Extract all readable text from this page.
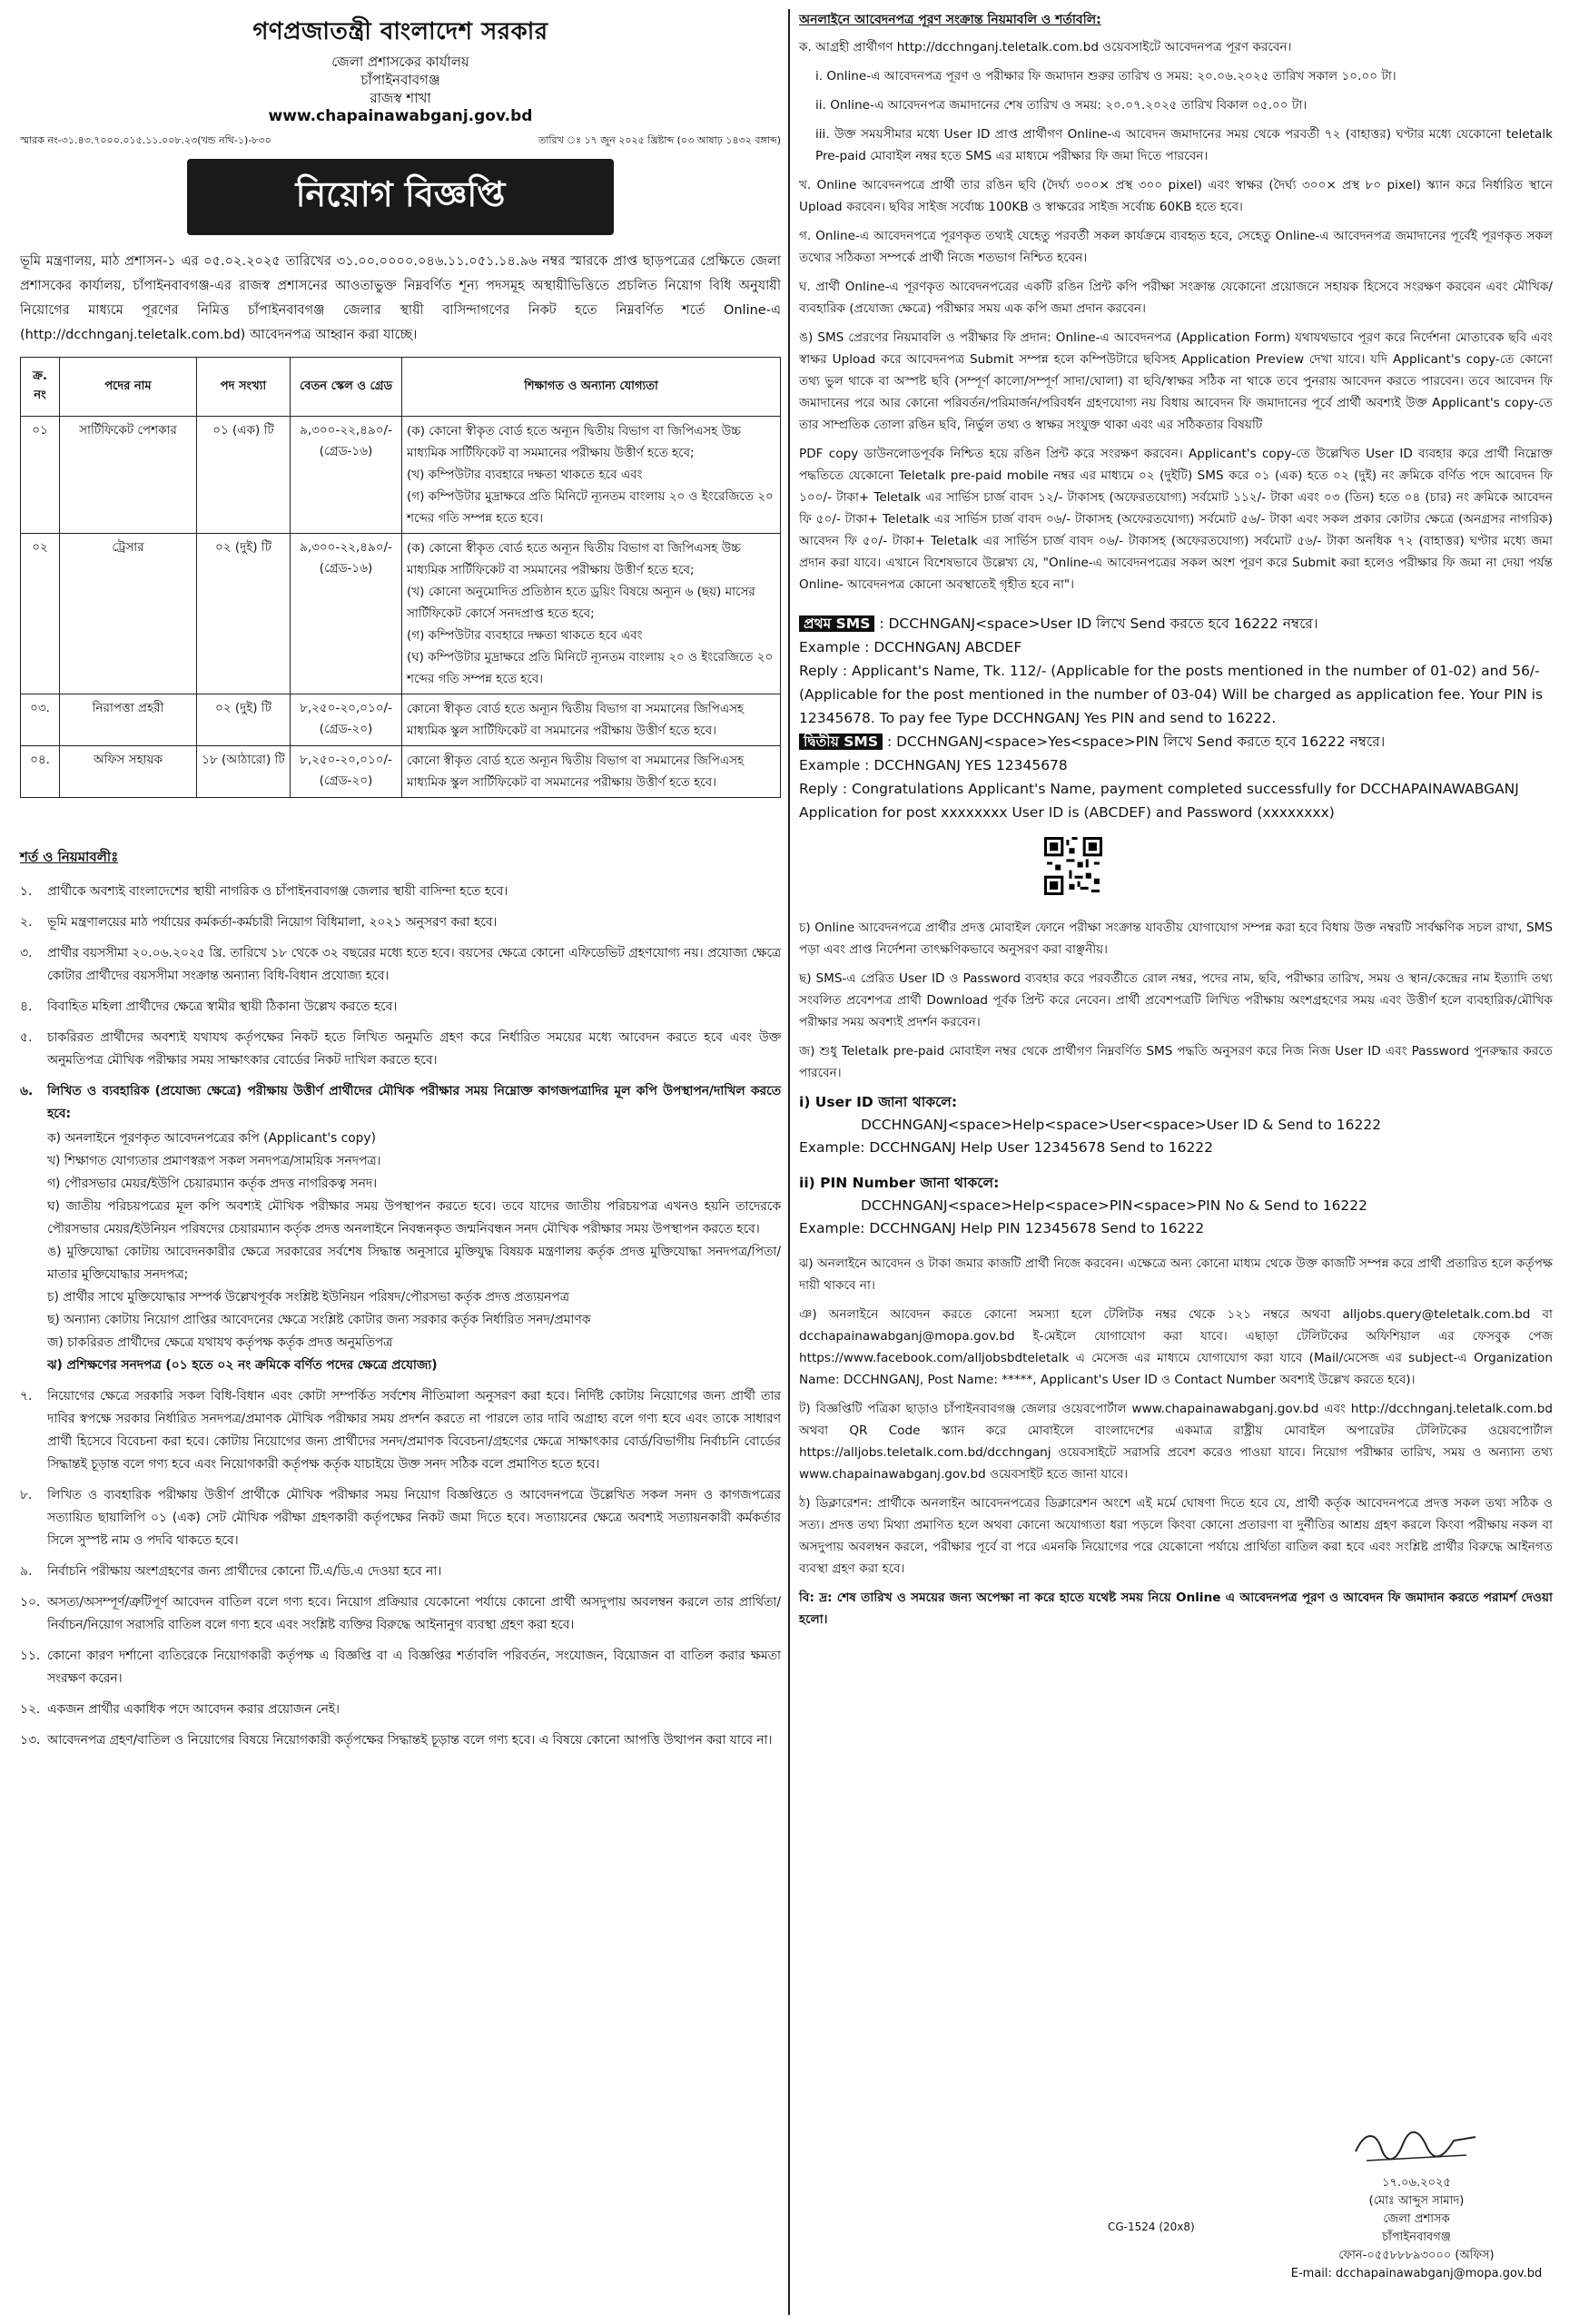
গণপ্রজাতন্ত্রী বাংলাদেশ সরকার
জেলা প্রশাসকের কার্যালয়
চাঁপাইনবাবগঞ্জ
রাজস্ব শাখা
www.chapainawabganj.gov.bd
স্মারক নং-৩১.৪৩.৭০০০.০১৫.১১.০০৮.২৩(খন্ড নথি-১)-৮৩০	তারিখ ঃ ১৭ জুন ২০২৫ খ্রিষ্টাব্দ (০৩ আষাঢ় ১৪৩২ বঙ্গাব্দ)
নিয়োগ বিজ্ঞপ্তি
ভূমি মন্ত্রণালয়, মাঠ প্রশাসন-১ এর ০৫.০২.২০২৫ তারিখের ৩১.০০.০০০০.০৪৬.১১.০৫১.১৪.৯৬ নম্বর স্মারকে প্রাপ্ত ছাড়পত্রের প্রেক্ষিতে জেলা প্রশাসকের কার্যালয়, চাঁপাইনবাবগঞ্জ-এর রাজস্ব প্রশাসনের আওতাভুক্ত নিম্নবর্ণিত শূন্য পদসমূহ অস্থায়ীভিত্তিতে প্রচলিত নিয়োগ বিধি অনুযায়ী নিয়োগের মাধ্যমে পূরণের নিমিত্ত চাঁপাইনবাবগঞ্জ জেলার স্থায়ী বাসিন্দাগণের নিকট হতে নিম্নবর্ণিত শর্তে Online-এ (http://dcchnganj.teletalk.com.bd) আবেদনপত্র আহ্বান করা যাচ্ছে।
ক্র. নং	পদের নাম	পদ সংখ্যা	বেতন স্কেল ও গ্রেড	শিক্ষাগত ও অন্যান্য যোগ্যতা
০১	সার্টিফিকেট পেশকার	০১ (এক) টি	৯,৩০০-২২,৪৯০/- (গ্রেড-১৬)	(ক) কোনো স্বীকৃত বোর্ড হতে অন্যূন দ্বিতীয় বিভাগ বা জিপিএসহ উচ্চ মাধ্যমিক সার্টিফিকেট বা সমমানের পরীক্ষায় উত্তীর্ণ হতে হবে;
(খ) কম্পিউটার ব্যবহারে দক্ষতা থাকতে হবে এবং
(গ) কম্পিউটার মুদ্রাক্ষরে প্রতি মিনিটে ন্যূনতম বাংলায় ২০ ও ইংরেজিতে ২০ শব্দের গতি সম্পন্ন হতে হবে।

০২	ট্রেসার	০২ (দুই) টি	৯,৩০০-২২,৪৯০/- (গ্রেড-১৬)	(ক) কোনো স্বীকৃত বোর্ড হতে অন্যূন দ্বিতীয় বিভাগ বা জিপিএসহ উচ্চ মাধ্যমিক সার্টিফিকেট বা সমমানের পরীক্ষায় উত্তীর্ণ হতে হবে;
(খ) কোনো অনুমোদিত প্রতিষ্ঠান হতে ড্রয়িং বিষয়ে অন্যূন ৬ (ছয়) মাসের সার্টিফিকেট কোর্সে সনদপ্রাপ্ত হতে হবে;
(গ) কম্পিউটার ব্যবহারে দক্ষতা থাকতে হবে এবং
(ঘ) কম্পিউটার মুদ্রাক্ষরে প্রতি মিনিটে ন্যূনতম বাংলায় ২০ ও ইংরেজিতে ২০ শব্দের গতি সম্পন্ন হতে হবে।

০৩.	নিরাপত্তা প্রহরী	০২ (দুই) টি	৮,২৫০-২০,০১০/- (গ্রেড-২০)	কোনো স্বীকৃত বোর্ড হতে অন্যূন দ্বিতীয় বিভাগ বা সমমানের জিপিএসহ মাধ্যমিক স্কুল সার্টিফিকেট বা সমমানের পরীক্ষায় উত্তীর্ণ হতে হবে।

০৪.	অফিস সহায়ক	১৮ (আঠারো) টি	৮,২৫০-২০,০১০/- (গ্রেড-২০)	কোনো স্বীকৃত বোর্ড হতে অন্যূন দ্বিতীয় বিভাগ বা সমমানের জিপিএসহ মাধ্যমিক স্কুল সার্টিফিকেট বা সমমানের পরীক্ষায় উত্তীর্ণ হতে হবে।
শর্ত ও নিয়মাবলীঃ
১.	প্রার্থীকে অবশ্যই বাংলাদেশের স্থায়ী নাগরিক ও চাঁপাইনবাবগঞ্জ জেলার স্থায়ী বাসিন্দা হতে হবে।
২.	ভূমি মন্ত্রণালয়ের মাঠ পর্যায়ের কর্মকর্তা-কর্মচারী নিয়োগ বিধিমালা, ২০২১ অনুসরণ করা হবে।
৩.	প্রার্থীর বয়সসীমা ২০.০৬.২০২৫ খ্রি. তারিখে ১৮ থেকে ৩২ বছরের মধ্যে হতে হবে। বয়সের ক্ষেত্রে কোনো এফিডেভিট গ্রহণযোগ্য নয়। প্রযোজ্য ক্ষেত্রে কোটার প্রার্থীদের বয়সসীমা সংক্রান্ত অন্যান্য বিধি-বিধান প্রযোজ্য হবে।
৪.	বিবাহিত মহিলা প্রার্থীদের ক্ষেত্রে স্বামীর স্থায়ী ঠিকানা উল্লেখ করতে হবে।
৫.	চাকরিরত প্রার্থীদের অবশ্যই যথাযথ কর্তৃপক্ষের নিকট হতে লিখিত অনুমতি গ্রহণ করে নির্ধারিত সময়ের মধ্যে আবেদন করতে হবে এবং উক্ত অনুমতিপত্র মৌখিক পরীক্ষার সময় সাক্ষাৎকার বোর্ডের নিকট দাখিল করতে হবে।
৬.	লিখিত ও ব্যবহারিক (প্রযোজ্য ক্ষেত্রে) পরীক্ষায় উত্তীর্ণ প্রার্থীদের মৌখিক পরীক্ষার সময় নিম্নোক্ত কাগজপত্রাদির মূল কপি উপস্থাপন/দাখিল করতে হবে:
ক) অনলাইনে পূরণকৃত আবেদনপত্রের কপি (Applicant's copy)
খ) শিক্ষাগত যোগ্যতার প্রমাণস্বরূপ সকল সনদপত্র/সাময়িক সনদপত্র।
গ) পৌরসভার মেয়র/ইউপি চেয়ারম্যান কর্তৃক প্রদত্ত নাগরিকত্ব সনদ।
ঘ) জাতীয় পরিচয়পত্রের মূল কপি অবশ্যই মৌখিক পরীক্ষার সময় উপস্থাপন করতে হবে। তবে যাদের জাতীয় পরিচয়পত্র এখনও হয়নি তাদেরকে পৌরসভার মেয়র/ইউনিয়ন পরিষদের চেয়ারম্যান কর্তৃক প্রদত্ত অনলাইনে নিবন্ধনকৃত জন্মনিবন্ধন সনদ মৌখিক পরীক্ষার সময় উপস্থাপন করতে হবে।
ঙ) মুক্তিযোদ্ধা কোটায় আবেদনকারীর ক্ষেত্রে সরকারের সর্বশেষ সিদ্ধান্ত অনুসারে মুক্তিযুদ্ধ বিষয়ক মন্ত্রণালয় কর্তৃক প্রদত্ত মুক্তিযোদ্ধা সনদপত্র/পিতা/মাতার মুক্তিযোদ্ধার সনদপত্র;
চ) প্রার্থীর সাথে মুক্তিযোদ্ধার সম্পর্ক উল্লেখপূর্বক সংশ্লিষ্ট ইউনিয়ন পরিষদ/পৌরসভা কর্তৃক প্রদত্ত প্রত্যয়নপত্র
ছ) অন্যান্য কোটায় নিয়োগ প্রাপ্তির আবেদনের ক্ষেত্রে সংশ্লিষ্ট কোটার জন্য সরকার কর্তৃক নির্ধারিত সনদ/প্রমাণক
জ) চাকরিরত প্রার্থীদের ক্ষেত্রে যথাযথ কর্তৃপক্ষ কর্তৃক প্রদত্ত অনুমতিপত্র
ঝ) প্রশিক্ষণের সনদপত্র (০১ হতে ০২ নং ক্রমিকে বর্ণিত পদের ক্ষেত্রে প্রযোজ্য)
৭.	নিয়োগের ক্ষেত্রে সরকারি সকল বিধি-বিধান এবং কোটা সম্পর্কিত সর্বশেষ নীতিমালা অনুসরণ করা হবে। নির্দিষ্ট কোটায় নিয়োগের জন্য প্রার্থী তার দাবির স্বপক্ষে সরকার নির্ধারিত সনদপত্র/প্রমাণক মৌখিক পরীক্ষার সময় প্রদর্শন করতে না পারলে তার দাবি অগ্রাহ্য বলে গণ্য হবে এবং তাকে সাধারণ প্রার্থী হিসেবে বিবেচনা করা হবে। কোটায় নিয়োগের জন্য প্রার্থীদের সনদ/প্রমাণক বিবেচনা/গ্রহণের ক্ষেত্রে সাক্ষাৎকার বোর্ড/বিভাগীয় নির্বাচনি বোর্ডের সিদ্ধান্তই চূড়ান্ত বলে গণ্য হবে এবং নিয়োগকারী কর্তৃপক্ষ কর্তৃক যাচাইয়ে উক্ত সনদ সঠিক বলে প্রমাণিত হতে হবে।
৮.	লিখিত ও ব্যবহারিক পরীক্ষায় উত্তীর্ণ প্রার্থীকে মৌখিক পরীক্ষার সময় নিয়োগ বিজ্ঞপ্তিতে ও আবেদনপত্রে উল্লেখিত সকল সনদ ও কাগজপত্রের সত্যায়িত ছায়ালিপি ০১ (এক) সেট মৌখিক পরীক্ষা গ্রহণকারী কর্তৃপক্ষের নিকট জমা দিতে হবে। সত্যায়নের ক্ষেত্রে অবশ্যই সত্যায়নকারী কর্মকর্তার সিলে সুস্পষ্ট নাম ও পদবি থাকতে হবে।
৯.	নির্বাচনি পরীক্ষায় অংশগ্রহণের জন্য প্রার্থীদের কোনো টি.এ/ডি.এ দেওয়া হবে না।
১০. অসত্য/অসম্পূর্ণ/ত্রুটিপূর্ণ আবেদন বাতিল বলে গণ্য হবে। নিয়োগ প্রক্রিয়ার যেকোনো পর্যায়ে কোনো প্রার্থী অসদুপায় অবলম্বন করলে তার প্রার্থিতা/নির্বাচন/নিয়োগ সরাসরি বাতিল বলে গণ্য হবে এবং সংশ্লিষ্ট ব্যক্তির বিরুদ্ধে আইনানুগ ব্যবস্থা গ্রহণ করা হবে।
১১. কোনো কারণ দর্শানো ব্যতিরেকে নিয়োগকারী কর্তৃপক্ষ এ বিজ্ঞপ্তি বা এ বিজ্ঞপ্তির শর্তাবলি পরিবর্তন, সংযোজন, বিয়োজন বা বাতিল করার ক্ষমতা সংরক্ষণ করেন।
১২. একজন প্রার্থীর একাধিক পদে আবেদন করার প্রয়োজন নেই।
১৩. আবেদনপত্র গ্রহণ/বাতিল ও নিয়োগের বিষয়ে নিয়োগকারী কর্তৃপক্ষের সিদ্ধান্তই চূড়ান্ত বলে গণ্য হবে। এ বিষয়ে কোনো আপত্তি উত্থাপন করা যাবে না।
অনলাইনে আবেদনপত্র পূরণ সংক্রান্ত নিয়মাবলি ও শর্তাবলি:

ক. আগ্রহী প্রার্থীগণ http://dcchnganj.teletalk.com.bd ওয়েবসাইটে আবেদনপত্র পূরণ করবেন।

i. Online-এ আবেদনপত্র পূরণ ও পরীক্ষার ফি জমাদান শুরুর তারিখ ও সময়: ২০.০৬.২০২৫ তারিখ সকাল ১০.০০ টা।

ii. Online-এ আবেদনপত্র জমাদানের শেষ তারিখ ও সময়: ২০.০৭.২০২৫ তারিখ বিকাল ০৫.০০ টা।

iii. উক্ত সময়সীমার মধ্যে User ID প্রাপ্ত প্রার্থীগণ Online-এ আবেদন জমাদানের সময় থেকে পরবর্তী ৭২ (বাহাত্তর) ঘণ্টার মধ্যে যেকোনো teletalk Pre-paid মোবাইল নম্বর হতে SMS এর মাধ্যমে পরীক্ষার ফি জমা দিতে পারবেন।

খ. Online আবেদনপত্রে প্রার্থী তার রঙিন ছবি (দৈর্ঘ্য ৩০০× প্রস্থ ৩০০ pixel) এবং স্বাক্ষর (দৈর্ঘ্য ৩০০× প্রস্থ ৮০ pixel) স্ক্যান করে নির্ধারিত স্থানে Upload করবেন। ছবির সাইজ সর্বোচ্চ 100KB ও স্বাক্ষরের সাইজ সর্বোচ্চ 60KB হতে হবে।

গ. Online-এ আবেদনপত্রে পূরণকৃত তথ্যই যেহেতু পরবর্তী সকল কার্যক্রমে ব্যবহৃত হবে, সেহেতু Online-এ আবেদনপত্র জমাদানের পূর্বেই পূরণকৃত সকল তথ্যের সঠিকতা সম্পর্কে প্রার্থী নিজে শতভাগ নিশ্চিত হবেন।

ঘ. প্রার্থী Online-এ পূরণকৃত আবেদনপত্রের একটি রঙিন প্রিন্ট কপি পরীক্ষা সংক্রান্ত যেকোনো প্রয়োজনে সহায়ক হিসেবে সংরক্ষণ করবেন এবং মৌখিক/ব্যবহারিক (প্রযোজ্য ক্ষেত্রে) পরীক্ষার সময় এক কপি জমা প্রদান করবেন।

ঙ) SMS প্রেরণের নিয়মাবলি ও পরীক্ষার ফি প্রদান: Online-এ আবেদনপত্র (Application Form) যথাযথভাবে পূরণ করে নির্দেশনা মোতাবেক ছবি এবং স্বাক্ষর Upload করে আবেদনপত্র Submit সম্পন্ন হলে কম্পিউটারে ছবিসহ Application Preview দেখা যাবে। যদি Applicant's copy-তে কোনো তথ্য ভুল থাকে বা অস্পষ্ট ছবি (সম্পূর্ণ কালো/সম্পূর্ণ সাদা/ঘোলা) বা ছবি/স্বাক্ষর সঠিক না থাকে তবে পুনরায় আবেদন করতে পারবেন। তবে আবেদন ফি জমাদানের পরে আর কোনো পরিবর্তন/পরিমার্জন/পরিবর্ধন গ্রহণযোগ্য নয় বিধায় আবেদন ফি জমাদানের পূর্বে প্রার্থী অবশ্যই উক্ত Applicant's copy-তে তার সাম্প্রতিক তোলা রঙিন ছবি, নির্ভুল তথ্য ও স্বাক্ষর সংযুক্ত থাকা এবং এর সঠিকতার বিষয়টি

PDF copy ডাউনলোডপূর্বক নিশ্চিত হয়ে রঙিন প্রিন্ট করে সংরক্ষণ করবেন। Applicant's copy-তে উল্লেখিত User ID ব্যবহার করে প্রার্থী নিম্নোক্ত পদ্ধতিতে যেকোনো Teletalk pre-paid mobile নম্বর এর মাধ্যমে ০২ (দুইটি) SMS করে ০১ (এক) হতে ০২ (দুই) নং ক্রমিকে বর্ণিত পদে আবেদন ফি ১০০/- টাকা+ Teletalk এর সার্ভিস চার্জ বাবদ ১২/- টাকাসহ (অফেরতযোগ্য) সর্বমোট ১১২/- টাকা এবং ০৩ (তিন) হতে ০৪ (চার) নং ক্রমিকে আবেদন ফি ৫০/- টাকা+ Teletalk এর সার্ভিস চার্জ বাবদ ০৬/- টাকাসহ (অফেরতযোগ্য) সর্বমোট ৫৬/- টাকা এবং সকল প্রকার কোটার ক্ষেত্রে (অনগ্রসর নাগরিক) আবেদন ফি ৫০/- টাকা+ Teletalk এর সার্ভিস চার্জ বাবদ ০৬/- টাকাসহ (অফেরতযোগ্য) সর্বমোট ৫৬/- টাকা অনধিক ৭২ (বাহাত্তর) ঘণ্টার মধ্যে জমা প্রদান করা যাবে। এখানে বিশেষভাবে উল্লেখ্য যে, "Online-এ আবেদনপত্রের সকল অংশ পূরণ করে Submit করা হলেও পরীক্ষার ফি জমা না দেয়া পর্যন্ত Online- আবেদনপত্র কোনো অবস্থাতেই গৃহীত হবে না"।

প্রথম SMS : DCCHNGANJ<space>User ID লিখে Send করতে হবে 16222 নম্বরে।
Example : DCCHNGANJ ABCDEF
Reply : Applicant's Name, Tk. 112/- (Applicable for the posts mentioned in the number of 01-02) and 56/- (Applicable for the post mentioned in the number of 03-04) Will be charged as application fee. Your PIN is 12345678. To pay fee Type DCCHNGANJ Yes PIN and send to 16222.
দ্বিতীয় SMS : DCCHNGANJ<space>Yes<space>PIN লিখে Send করতে হবে 16222 নম্বরে।
Example : DCCHNGANJ YES 12345678
Reply : Congratulations Applicant's Name, payment completed successfully for DCCHAPAINAWABGANJ Application for post xxxxxxxx User ID is (ABCDEF) and Password (xxxxxxxx)

চ) Online আবেদনপত্রে প্রার্থীর প্রদত্ত মোবাইল ফোনে পরীক্ষা সংক্রান্ত যাবতীয় যোগাযোগ সম্পন্ন করা হবে বিধায় উক্ত নম্বরটি সার্বক্ষণিক সচল রাখা, SMS পড়া এবং প্রাপ্ত নির্দেশনা তাৎক্ষণিকভাবে অনুসরণ করা বাঞ্ছনীয়।

ছ) SMS-এ প্রেরিত User ID ও Password ব্যবহার করে পরবর্তীতে রোল নম্বর, পদের নাম, ছবি, পরীক্ষার তারিখ, সময় ও স্থান/কেন্দ্রের নাম ইত্যাদি তথ্য সংবলিত প্রবেশপত্র প্রার্থী Download পূর্বক প্রিন্ট করে নেবেন। প্রার্থী প্রবেশপত্রটি লিখিত পরীক্ষায় অংশগ্রহণের সময় এবং উত্তীর্ণ হলে ব্যবহারিক/মৌখিক পরীক্ষার সময় অবশ্যই প্রদর্শন করবেন।

জ) শুধু Teletalk pre-paid মোবাইল নম্বর থেকে প্রার্থীগণ নিম্নবর্ণিত SMS পদ্ধতি অনুসরণ করে নিজ নিজ User ID এবং Password পুনরুদ্ধার করতে পারবেন।

i) User ID জানা থাকলে:
DCCHNGANJ<space>Help<space>User<space>User ID & Send to 16222
Example: DCCHNGANJ Help User 12345678 Send to 16222
ii) PIN Number জানা থাকলে:
DCCHNGANJ<space>Help<space>PIN<space>PIN No & Send to 16222
Example: DCCHNGANJ Help PIN 12345678 Send to 16222

ঝ) অনলাইনে আবেদন ও টাকা জমার কাজটি প্রার্থী নিজে করবেন। এক্ষেত্রে অন্য কোনো মাধ্যম থেকে উক্ত কাজটি সম্পন্ন করে প্রার্থী প্রতারিত হলে কর্তৃপক্ষ দায়ী থাকবে না।

ঞ) অনলাইনে আবেদন করতে কোনো সমস্যা হলে টেলিটক নম্বর থেকে ১২১ নম্বরে অথবা alljobs.query@teletalk.com.bd বা dcchapainawabganj@mopa.gov.bd ই-মেইলে যোগাযোগ করা যাবে। এছাড়া টেলিটকের অফিশিয়াল এর ফেসবুক পেজ https://www.facebook.com/alljobsbdteletalk এ মেসেজ এর মাধ্যমে যোগাযোগ করা যাবে (Mail/মেসেজ এর subject-এ Organization Name: DCCHNGANJ, Post Name: *****, Applicant's User ID ও Contact Number অবশ্যই উল্লেখ করতে হবে)।

ট) বিজ্ঞপ্তিটি পত্রিকা ছাড়াও চাঁপাইনবাবগঞ্জ জেলার ওয়েবপোর্টাল www.chapainawabganj.gov.bd এবং http://dcchnganj.teletalk.com.bd অথবা QR Code স্ক্যান করে মোবাইলে বাংলাদেশের একমাত্র রাষ্ট্রীয় মোবাইল অপারেটর টেলিটকের ওয়েবপোর্টাল https://alljobs.teletalk.com.bd/dcchnganj ওয়েবসাইটে সরাসরি প্রবেশ করেও পাওয়া যাবে। নিয়োগ পরীক্ষার তারিখ, সময় ও অন্যান্য তথ্য www.chapainawabganj.gov.bd ওয়েবসাইট হতে জানা যাবে।

ঠ) ডিক্লারেশন: প্রার্থীকে অনলাইন আবেদনপত্রের ডিক্লারেশন অংশে এই মর্মে ঘোষণা দিতে হবে যে, প্রার্থী কর্তৃক আবেদনপত্রে প্রদত্ত সকল তথ্য সঠিক ও সত্য। প্রদত্ত তথ্য মিথ্যা প্রমাণিত হলে অথবা কোনো অযোগ্যতা ধরা পড়লে কিংবা কোনো প্রতারণা বা দুর্নীতির আশ্রয় গ্রহণ করলে কিংবা পরীক্ষায় নকল বা অসদুপায় অবলম্বন করলে, পরীক্ষার পূর্বে বা পরে এমনকি নিয়োগের পরে যেকোনো পর্যায়ে প্রার্থিতা বাতিল করা হবে এবং সংশ্লিষ্ট প্রার্থীর বিরুদ্ধে আইনগত ব্যবস্থা গ্রহণ করা হবে।

বি: দ্র: শেষ তারিখ ও সময়ের জন্য অপেক্ষা না করে হাতে যথেষ্ট সময় নিয়ে Online এ আবেদনপত্র পূরণ ও আবেদন ফি জমাদান করতে পরামর্শ দেওয়া হলো।

১৭.০৬.২০২৫
(মোঃ আব্দুস সামাদ)
জেলা প্রশাসক
চাঁপাইনবাবগঞ্জ
ফোন-০৫৫৮৮৮৯৩০০০ (অফিস)
E-mail: dcchapainawabganj@mopa.gov.bd
CG-1524 (20x8)
